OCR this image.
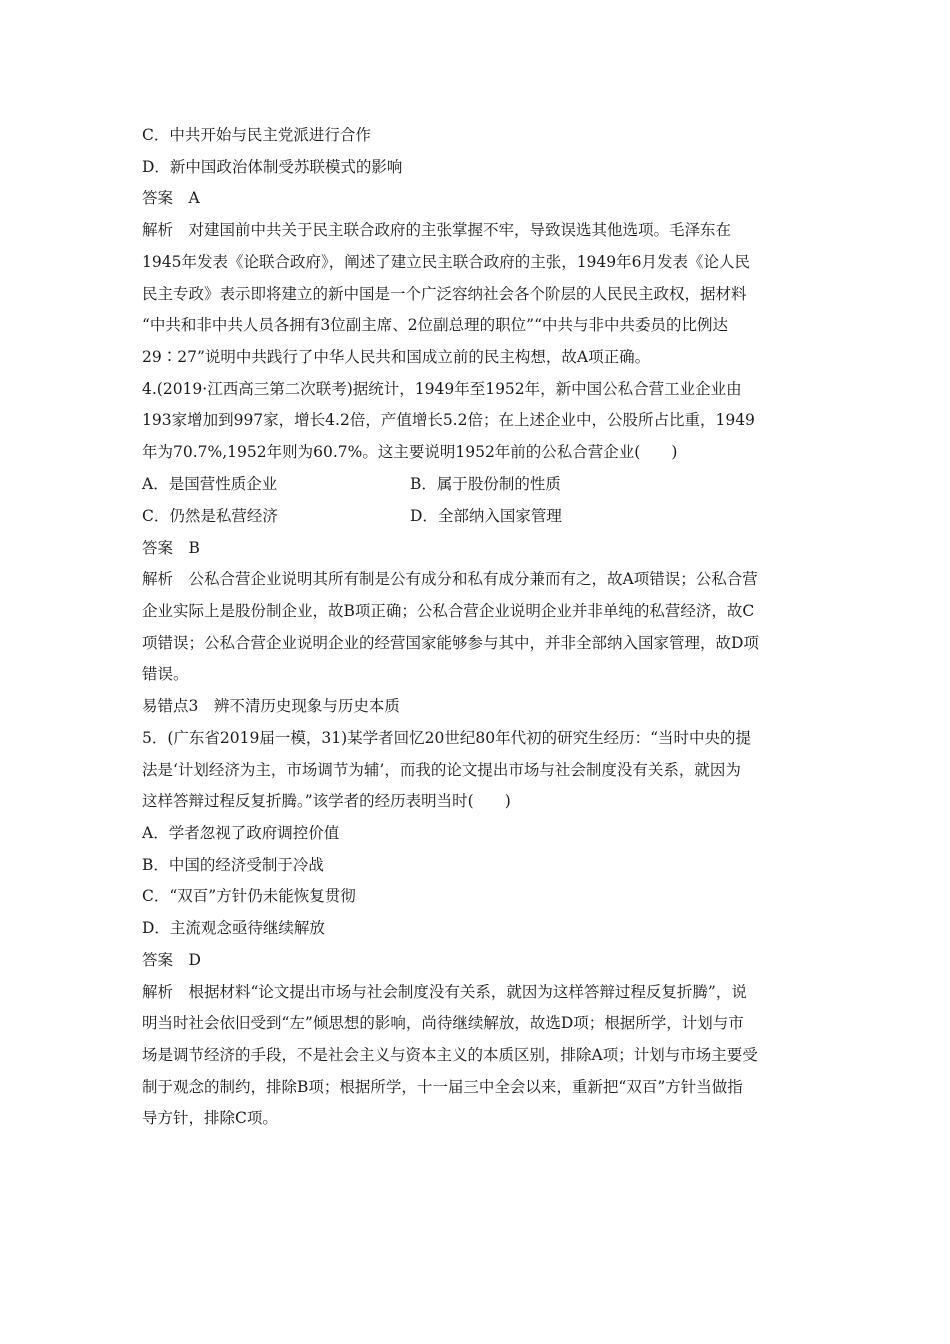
C．中共开始与民主党派进行合作
D．新中国政治体制受苏联模式的影响
答案　A
解析　对建国前中共关于民主联合政府的主张掌握不牢，导致误选其他选项。毛泽东在
1945年发表《论联合政府》，阐述了建立民主联合政府的主张，1949年6月发表《论人民
民主专政》表示即将建立的新中国是一个广泛容纳社会各个阶层的人民民主政权，据材料
“中共和非中共人员各拥有3位副主席、2位副总理的职位”“中共与非中共委员的比例达
29∶27”说明中共践行了中华人民共和国成立前的民主构想，故A项正确。
4.(2019·江西高三第二次联考)据统计，1949年至1952年，新中国公私合营工业企业由
193家增加到997家，增长4.2倍，产值增长5.2倍；在上述企业中，公股所占比重，1949
年为70.7%,1952年则为60.7%。这主要说明1952年前的公私合营企业(　　)
A．是国营性质企业	B．属于股份制的性质
C．仍然是私营经济	D．全部纳入国家管理
答案　B
解析　公私合营企业说明其所有制是公有成分和私有成分兼而有之，故A项错误；公私合营
企业实际上是股份制企业，故B项正确；公私合营企业说明企业并非单纯的私营经济，故C
项错误；公私合营企业说明企业的经营国家能够参与其中，并非全部纳入国家管理，故D项
错误。
易错点3　辨不清历史现象与历史本质
5．(广东省2019届一模，31)某学者回忆20世纪80年代初的研究生经历：“当时中央的提
法是‘计划经济为主，市场调节为辅’，而我的论文提出市场与社会制度没有关系，就因为
这样答辩过程反复折腾。”该学者的经历表明当时(　　)
A．学者忽视了政府调控价值
B．中国的经济受制于冷战
C．“双百”方针仍未能恢复贯彻
D．主流观念亟待继续解放
答案　D
解析　根据材料“论文提出市场与社会制度没有关系，就因为这样答辩过程反复折腾”，说
明当时社会依旧受到“左”倾思想的影响，尚待继续解放，故选D项；根据所学，计划与市
场是调节经济的手段，不是社会主义与资本主义的本质区别，排除A项；计划与市场主要受
制于观念的制约，排除B项；根据所学，十一届三中全会以来，重新把“双百”方针当做指
导方针，排除C项。
